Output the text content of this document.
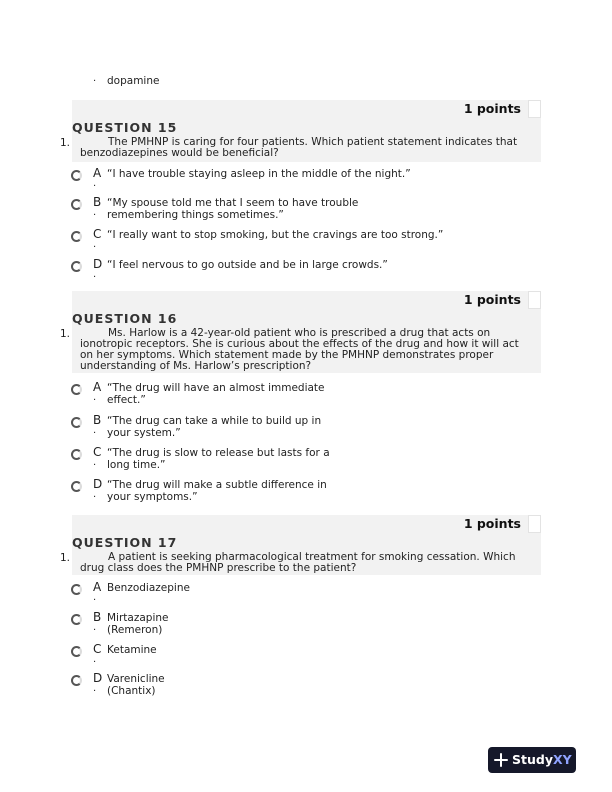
· dopamine
1 points
QUESTION 15
1.	The PMHNP is caring for four patients. Which patient statement indicates that benzodiazepines would be beneficial?
A
.
“I have trouble staying asleep in the middle of the night.”
B
.
“My spouse told me that I seem to have trouble remembering things sometimes.”
C
.
“I really want to stop smoking, but the cravings are too strong.”
D
.
“I feel nervous to go outside and be in large crowds.”
1 points
QUESTION 16
1.	Ms. Harlow is a 42-year-old patient who is prescribed a drug that acts on ionotropic receptors. She is curious about the effects of the drug and how it will act on her symptoms. Which statement made by the PMHNP demonstrates proper understanding of Ms. Harlow’s prescription?
A
.
“The drug will have an almost immediate effect.”
B
.
“The drug can take a while to build up in your system.”
C
.
“The drug is slow to release but lasts for a long time.”
D
.
“The drug will make a subtle difference in your symptoms.”
1 points
QUESTION 17
1.	A patient is seeking pharmacological treatment for smoking cessation. Which drug class does the PMHNP prescribe to the patient?
A
.
Benzodiazepine
B
.
Mirtazapine (Remeron)
C
.
Ketamine
D
.
Varenicline (Chantix)
StudyXY
